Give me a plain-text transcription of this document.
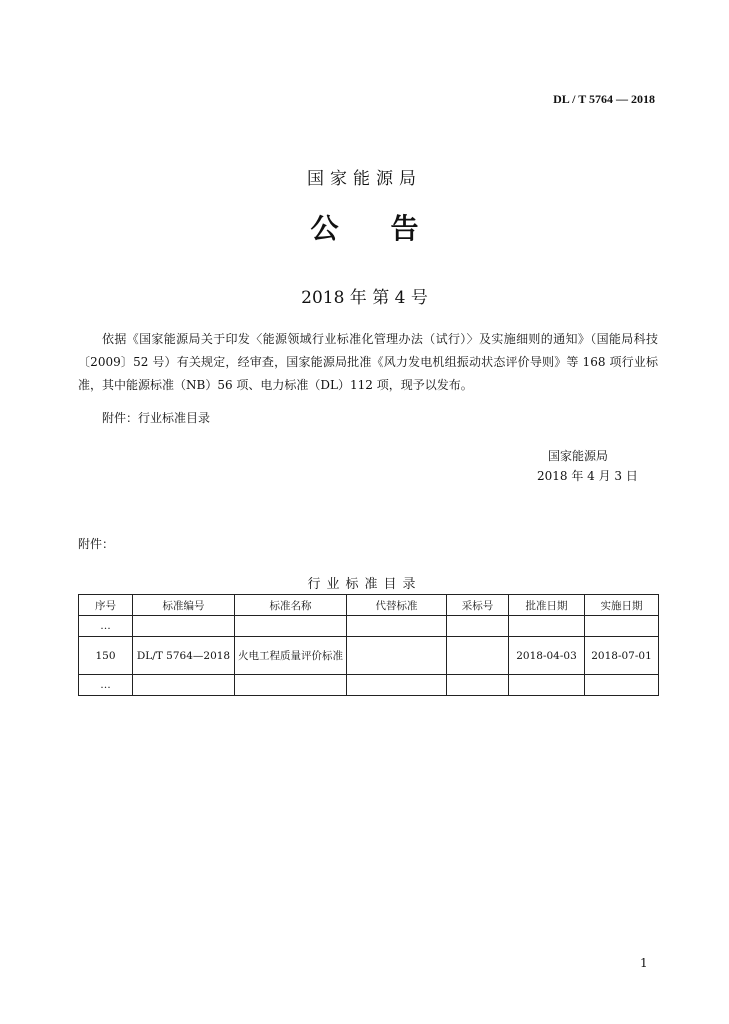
DL / T 5764 — 2018
国家能源局
公告
2018 年 第 4 号
依据《国家能源局关于印发〈能源领域行业标准化管理办法（试行）〉及实施细则的通知》（国能局科技〔2009〕52 号）有关规定，经审查，国家能源局批准《风力发电机组振动状态评价导则》等 168 项行业标准，其中能源标准（NB）56 项、电力标准（DL）112 项，现予以发布。
附件：行业标准目录
国家能源局
2018 年 4 月 3 日
附件：
行业标准目录
序号	标准编号	标准名称	代替标准	采标号	批准日期	实施日期
…						
150	DL/T 5764—2018	火电工程质量评价标准			2018-04-03	2018-07-01
…						
1
